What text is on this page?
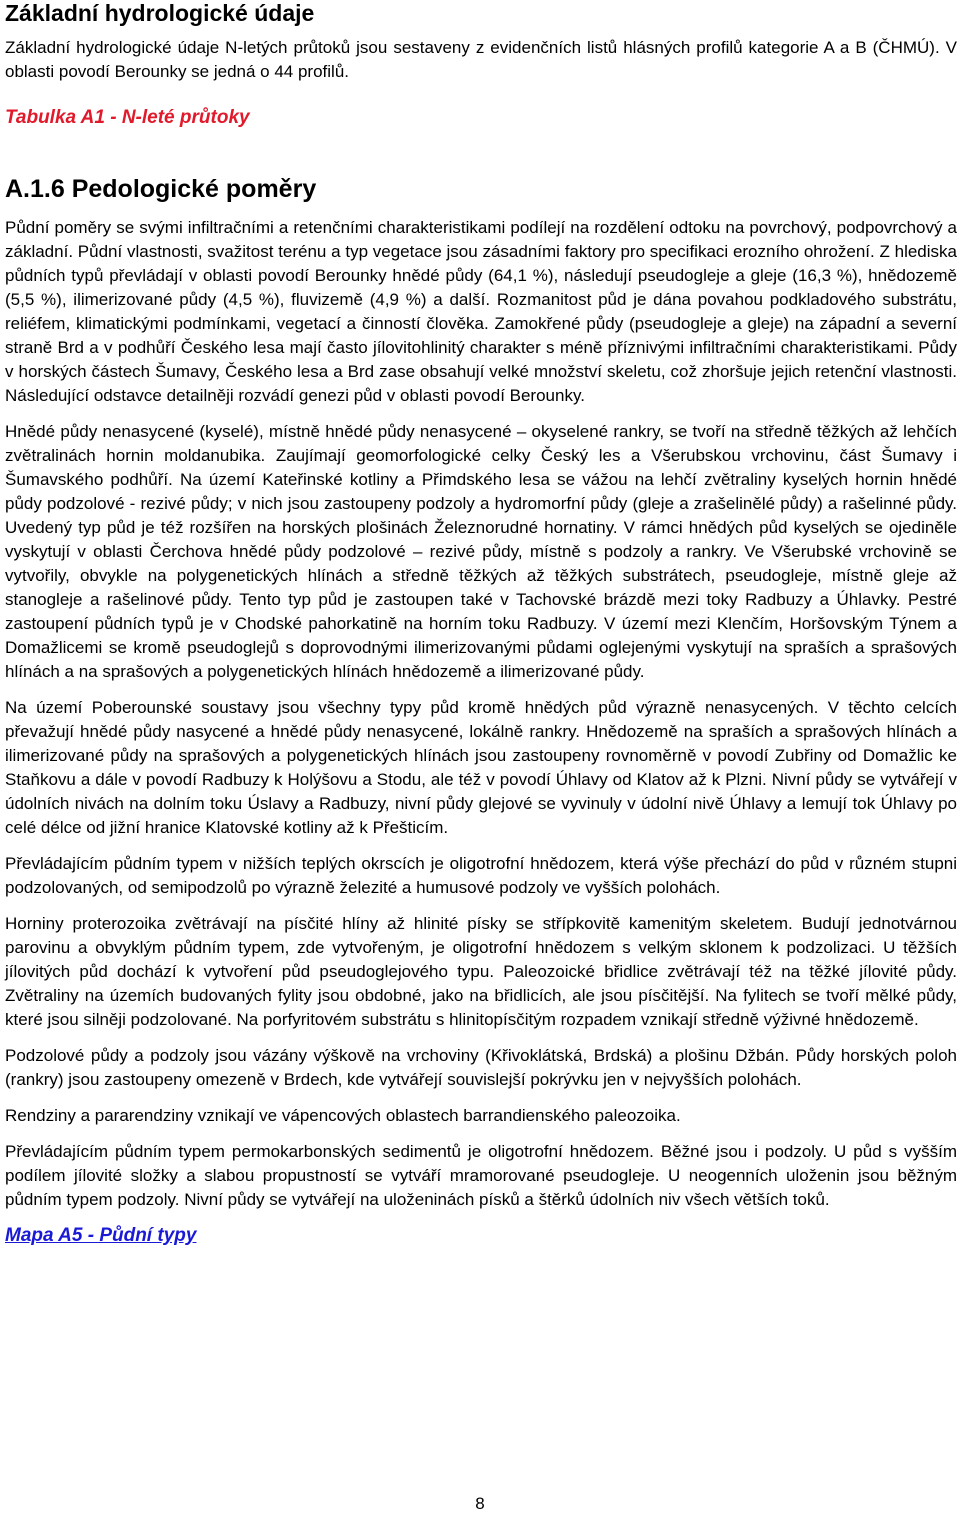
Základní hydrologické údaje

Základní hydrologické údaje N-letých průtoků jsou sestaveny z evidenčních listů hlásných profilů kategorie A a B (ČHMÚ). V oblasti povodí Berounky se jedná o 44 profilů.

Tabulka A1 - N-leté průtoky
A.1.6 Pedologické poměry

Půdní poměry se svými infiltračními a retenčními charakteristikami podílejí na rozdělení odtoku na povrchový, podpovrchový a základní. Půdní vlastnosti, svažitost terénu a typ vegetace jsou zásadními faktory pro specifikaci erozního ohrožení. Z hlediska půdních typů převládají v oblasti povodí Berounky hnědé půdy (64,1 %), následují pseudogleje a gleje (16,3 %), hnědozemě (5,5 %), ilimerizované půdy (4,5 %), fluvizemě (4,9 %) a další. Rozmanitost půd je dána povahou podkladového substrátu, reliéfem, klimatickými podmínkami, vegetací a činností člověka. Zamokřené půdy (pseudogleje a gleje) na západní a severní straně Brd a v podhůří Českého lesa mají často jílovitohlinitý charakter s méně příznivými infiltračními charakteristikami. Půdy v horských částech Šumavy, Českého lesa a Brd zase obsahují velké množství skeletu, což zhoršuje jejich retenční vlastnosti. Následující odstavce detailněji rozvádí genezi půd v oblasti povodí Berounky.

Hnědé půdy nenasycené (kyselé), místně hnědé půdy nenasycené – okyselené rankry, se tvoří na středně těžkých až lehčích zvětralinách hornin moldanubika. Zaujímají geomorfologické celky Český les a Všerubskou vrchovinu, část Šumavy i Šumavského podhůří. Na území Kateřinské kotliny a Přimdského lesa se vážou na lehčí zvětraliny kyselých hornin hnědé půdy podzolové - rezivé půdy; v nich jsou zastoupeny podzoly a hydromorfní půdy (gleje a zrašelinělé půdy) a rašelinné půdy. Uvedený typ půd je též rozšířen na horských plošinách Železnorudné hornatiny. V rámci hnědých půd kyselých se ojediněle vyskytují v oblasti Čerchova hnědé půdy podzolové – rezivé půdy, místně s podzoly a rankry. Ve Všerubské vrchovině se vytvořily, obvykle na polygenetických hlínách a středně těžkých až těžkých substrátech, pseudogleje, místně gleje až stanogleje a rašelinové půdy. Tento typ půd je zastoupen také v Tachovské brázdě mezi toky Radbuzy a Úhlavky. Pestré zastoupení půdních typů je v Chodské pahorkatině na horním toku Radbuzy. V území mezi Klenčím, Horšovským Týnem a Domažlicemi se kromě pseudoglejů s doprovodnými ilimerizovanými půdami oglejenými vyskytují na spraších a sprašových hlínách a na sprašových a polygenetických hlínách hnědozemě a ilimerizované půdy.

Na území Poberounské soustavy jsou všechny typy půd kromě hnědých půd výrazně nenasycených. V těchto celcích převažují hnědé půdy nasycené a hnědé půdy nenasycené, lokálně rankry. Hnědozemě na spraších a sprašových hlínách a ilimerizované půdy na sprašových a polygenetických hlínách jsou zastoupeny rovnoměrně v povodí Zubřiny od Domažlic ke Staňkovu a dále v povodí Radbuzy k Holýšovu a Stodu, ale též v povodí Úhlavy od Klatov až k Plzni. Nivní půdy se vytvářejí v údolních nivách na dolním toku Úslavy a Radbuzy, nivní půdy glejové se vyvinuly v údolní nivě Úhlavy a lemují tok Úhlavy po celé délce od jižní hranice Klatovské kotliny až k Přešticím.

Převládajícím půdním typem v nižších teplých okrscích je oligotrofní hnědozem, která výše přechází do půd v různém stupni podzolovaných, od semipodzolů po výrazně železité a humusové podzoly ve vyšších polohách.

Horniny proterozoika zvětrávají na písčité hlíny až hlinité písky se střípkovitě kamenitým skeletem. Budují jednotvárnou parovinu a obvyklým půdním typem, zde vytvořeným, je oligotrofní hnědozem s velkým sklonem k podzolizaci. U těžších jílovitých půd dochází k vytvoření půd pseudoglejového typu. Paleozoické břidlice zvětrávají též na těžké jílovité půdy. Zvětraliny na územích budovaných fylity jsou obdobné, jako na břidlicích, ale jsou písčitější. Na fylitech se tvoří mělké půdy, které jsou silněji podzolované. Na porfyritovém substrátu s hlinitopísčitým rozpadem vznikají středně výživné hnědozemě.

Podzolové půdy a podzoly jsou vázány výškově na vrchoviny (Křivoklátská, Brdská) a plošinu Džbán. Půdy horských poloh (rankry) jsou zastoupeny omezeně v Brdech, kde vytvářejí souvislejší pokrývku jen v nejvyšších polohách.

Rendziny a pararendziny vznikají ve vápencových oblastech barrandienského paleozoika.

Převládajícím půdním typem permokarbonských sedimentů je oligotrofní hnědozem. Běžné jsou i podzoly. U půd s vyšším podílem jílovité složky a slabou propustností se vytváří mramorované pseudogleje. U neogenních uloženin jsou běžným půdním typem podzoly. Nivní půdy se vytvářejí na uloženinách písků a štěrků údolních niv všech větších toků.

Mapa A5 - Půdní typy
8
